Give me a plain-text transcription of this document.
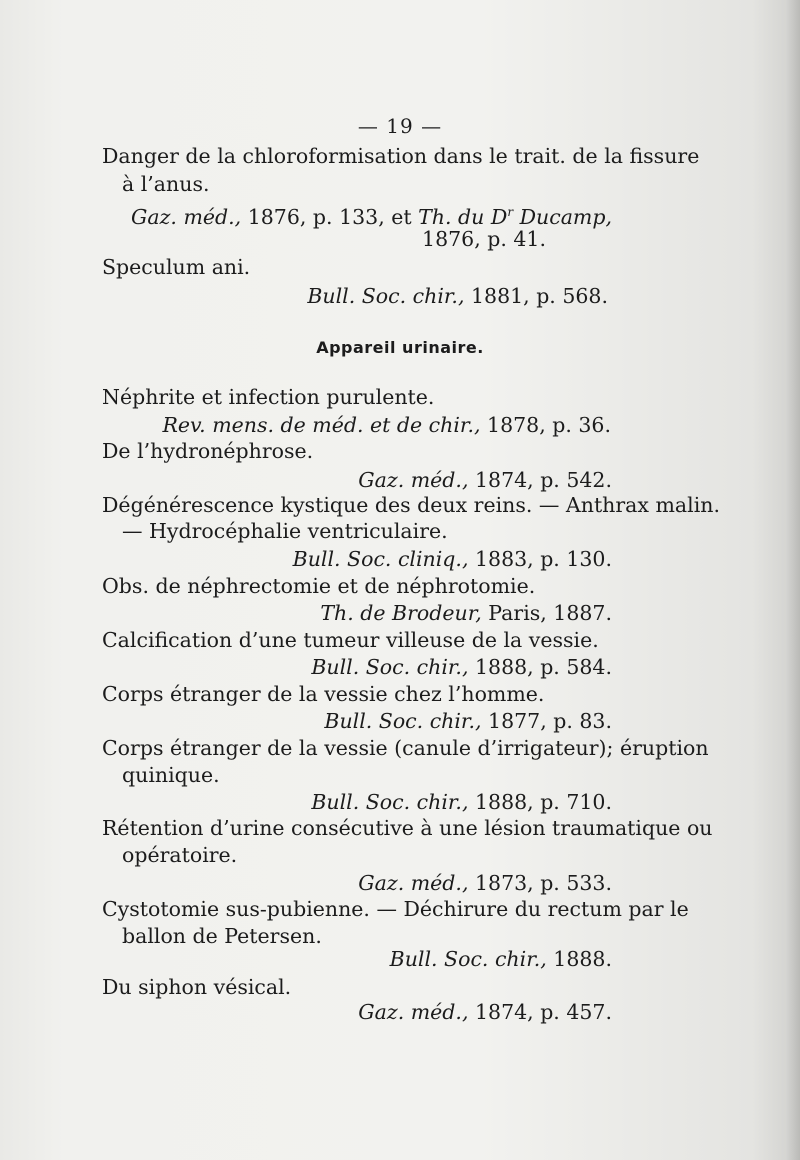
— 19 —
Danger de la chloroformisation dans le trait. de la fissure
à l’anus.
Gaz. méd., 1876, p. 133, et Th. du $D^r$ Ducamp,
1876, p. 41.
Speculum ani.
Bull. Soc. chir., 1881, p. 568.
Appareil urinaire.
Néphrite et infection purulente.
Rev. mens. de méd. et de chir., 1878, p. 36.
De l’hydronéphrose.
Gaz. méd., 1874, p. 542.
Dégénérescence kystique des deux reins. — Anthrax malin.
— Hydrocéphalie ventriculaire.
Bull. Soc. cliniq., 1883, p. 130.
Obs. de néphrectomie et de néphrotomie.
Th. de Brodeur, Paris, 1887.
Calcification d’une tumeur villeuse de la vessie.
Bull. Soc. chir., 1888, p. 584.
Corps étranger de la vessie chez l’homme.
Bull. Soc. chir., 1877, p. 83.
Corps étranger de la vessie (canule d’irrigateur); éruption
quinique.
Bull. Soc. chir., 1888, p. 710.
Rétention d’urine consécutive à une lésion traumatique ou
opératoire.
Gaz. méd., 1873, p. 533.
Cystotomie sus-pubienne. — Déchirure du rectum par le
ballon de Petersen.
Bull. Soc. chir., 1888.
Du siphon vésical.
Gaz. méd., 1874, p. 457.
